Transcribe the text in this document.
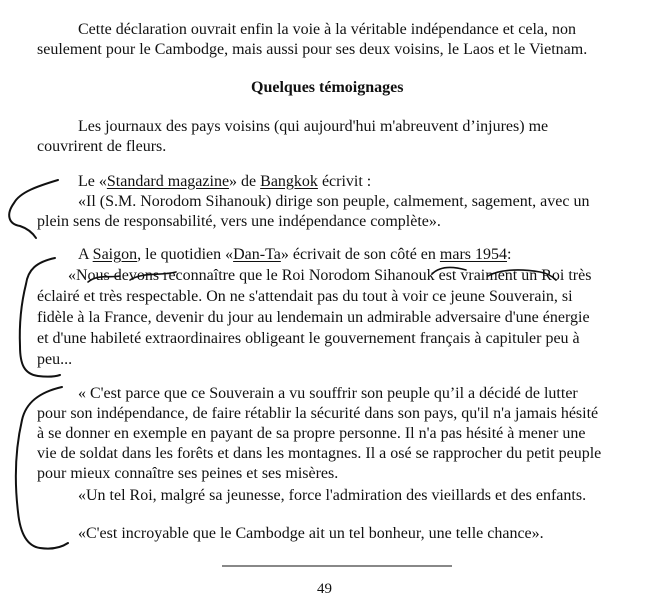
Cette déclaration ouvrait enfin la voie à la véritable indépendance et cela, non
seulement pour le Cambodge, mais aussi pour ses deux voisins, le Laos et le Vietnam.
Quelques témoignages
Les journaux des pays voisins (qui aujourd'hui m'abreuvent d’injures) me
couvrirent de fleurs.
Le «Standard magazine» de Bangkok écrivit :
«Il (S.M. Norodom Sihanouk) dirige son peuple, calmement, sagement, avec un
plein sens de responsabilité, vers une indépendance complète».
A Saigon, le quotidien «Dan-Ta» écrivait de son côté en mars 1954:
«Nous devons reconnaître que le Roi Norodom Sihanouk est vraiment un Roi très
éclairé et très respectable. On ne s'attendait pas du tout à voir ce jeune Souverain, si
fidèle à la France, devenir du jour au lendemain un admirable adversaire d'une énergie
et d'une habileté extraordinaires obligeant le gouvernement français à capituler peu à
peu...
« C'est parce que ce Souverain a vu souffrir son peuple qu’il a décidé de lutter
pour son indépendance, de faire rétablir la sécurité dans son pays, qu'il n'a jamais hésité
à se donner en exemple en payant de sa propre personne. Il n'a pas hésité à mener une
vie de soldat dans les forêts et dans les montagnes. Il a osé se rapprocher du petit peuple
pour mieux connaître ses peines et ses misères.
«Un tel Roi, malgré sa jeunesse, force l'admiration des vieillards et des enfants.
«C'est incroyable que le Cambodge ait un tel bonheur, une telle chance».
49
